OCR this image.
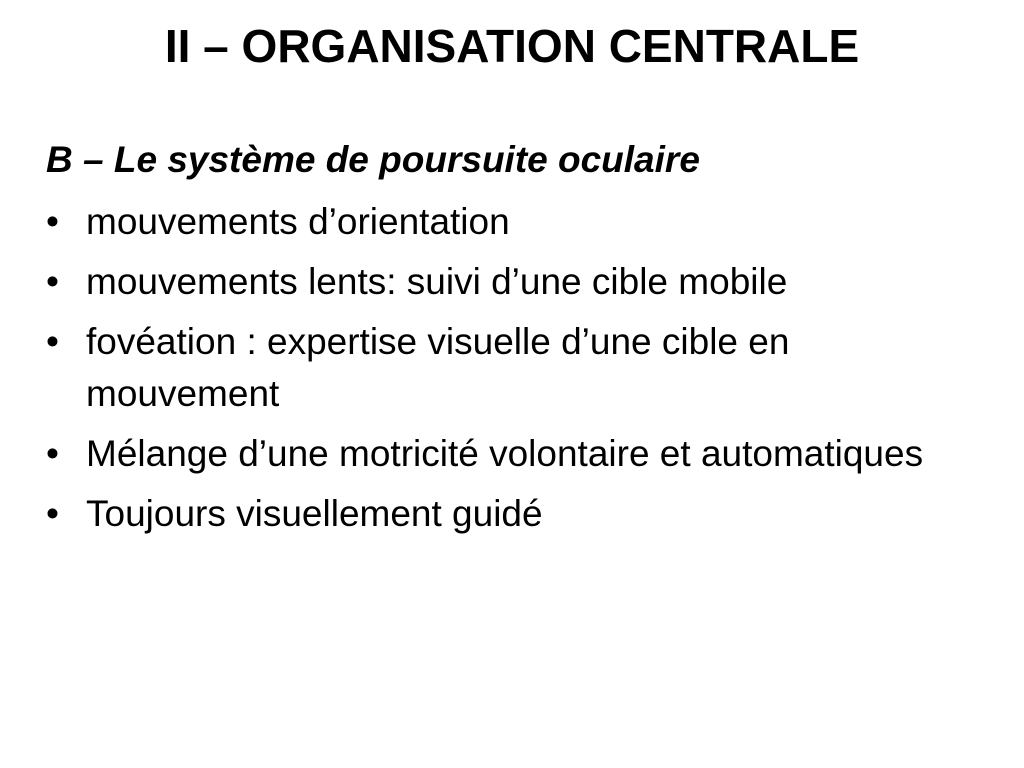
II – ORGANISATION CENTRALE
B – Le système de poursuite oculaire
• mouvements d’orientation
• mouvements lents: suivi d’une cible mobile
• fovéation : expertise visuelle d’une cible en mouvement
• Mélange d’une motricité volontaire et automatiques
• Toujours visuellement guidé
